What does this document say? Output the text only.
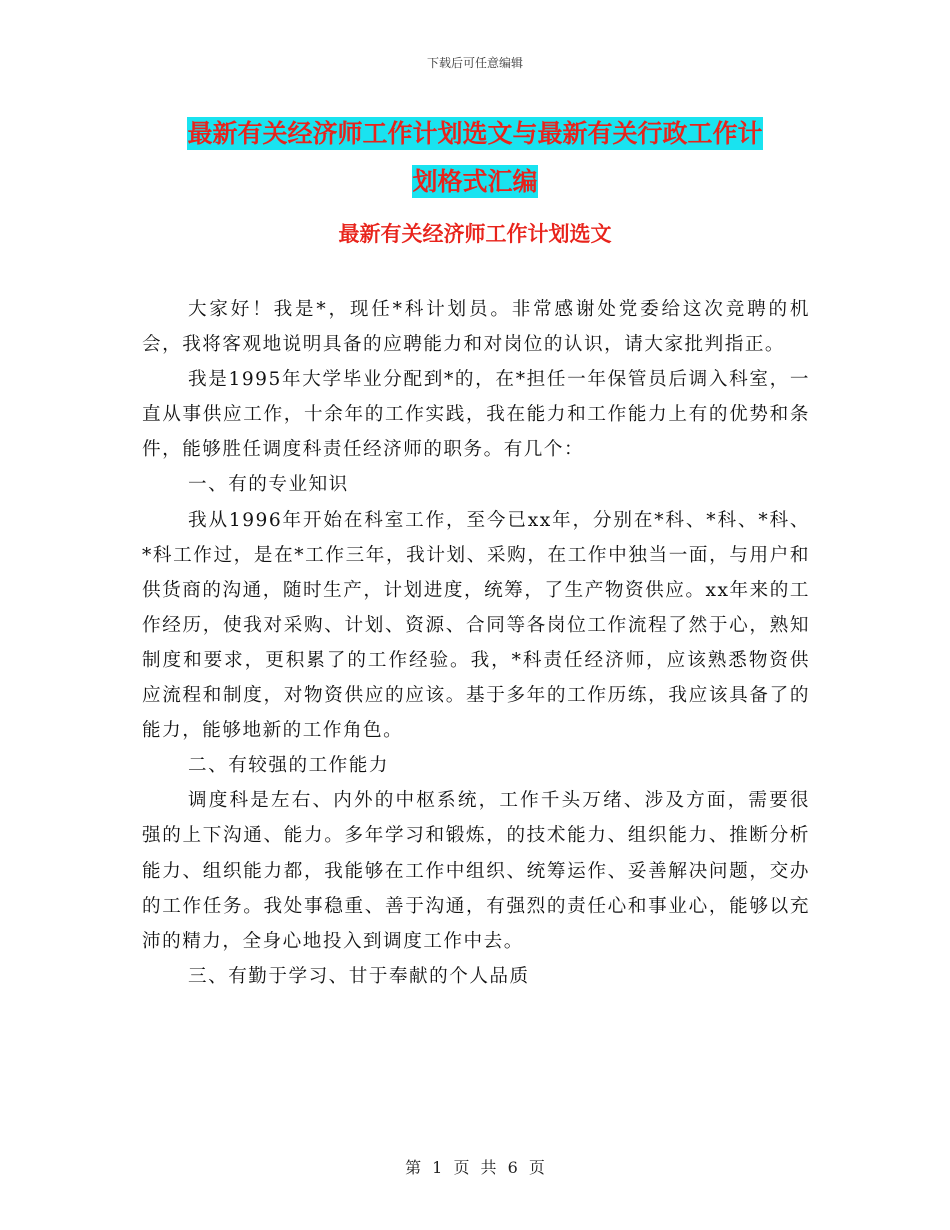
下载后可任意编辑
最新有关经济师工作计划选文与最新有关行政工作计
划格式汇编
最新有关经济师工作计划选文

大家好！我是*，现任*科计划员。非常感谢处党委给这次竞聘的机会，我将客观地说明具备的应聘能力和对岗位的认识，请大家批判指正。

我是1995年大学毕业分配到*的，在*担任一年保管员后调入科室，一直从事供应工作，十余年的工作实践，我在能力和工作能力上有的优势和条件，能够胜任调度科责任经济师的职务。有几个：

一、有的专业知识

我从1996年开始在科室工作，至今已xx年，分别在*科、*科、*科、*科工作过，是在*工作三年，我计划、采购，在工作中独当一面，与用户和供货商的沟通，随时生产，计划进度，统筹，了生产物资供应。xx年来的工作经历，使我对采购、计划、资源、合同等各岗位工作流程了然于心，熟知制度和要求，更积累了的工作经验。我，*科责任经济师，应该熟悉物资供应流程和制度，对物资供应的应该。基于多年的工作历练，我应该具备了的能力，能够地新的工作角色。

二、有较强的工作能力

调度科是左右、内外的中枢系统，工作千头万绪、涉及方面，需要很强的上下沟通、能力。多年学习和锻炼，的技术能力、组织能力、推断分析能力、组织能力都，我能够在工作中组织、统筹运作、妥善解决问题，交办的工作任务。我处事稳重、善于沟通，有强烈的责任心和事业心，能够以充沛的精力，全身心地投入到调度工作中去。

三、有勤于学习、甘于奉献的个人品质

第 1 页 共 6 页
